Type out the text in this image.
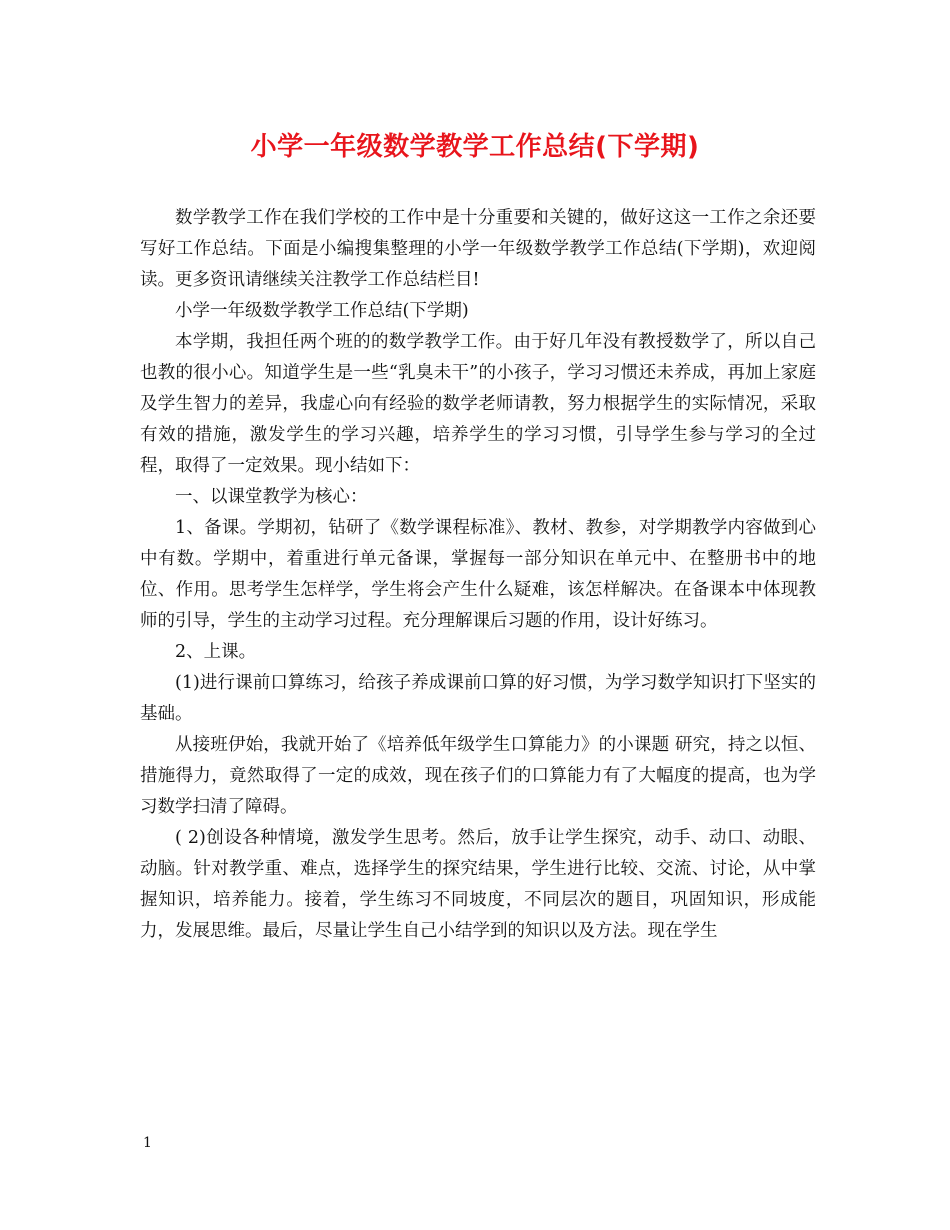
小学一年级数学教学工作总结(下学期)

数学教学工作在我们学校的工作中是十分重要和关键的，做好这这一工作之余还要写好工作总结。下面是小编搜集整理的小学一年级数学教学工作总结(下学期)，欢迎阅读。更多资讯请继续关注教学工作总结栏目!

小学一年级数学教学工作总结(下学期)

本学期，我担任两个班的的数学教学工作。由于好几年没有教授数学了，所以自己也教的很小心。知道学生是一些“乳臭未干”的小孩子，学习习惯还未养成，再加上家庭及学生智力的差异，我虚心向有经验的数学老师请教，努力根据学生的实际情况，采取有效的措施，激发学生的学习兴趣，培养学生的学习习惯，引导学生参与学习的全过程，取得了一定效果。现小结如下：

一、以课堂教学为核心：

1、备课。学期初，钻研了《数学课程标准》、教材、教参，对学期教学内容做到心中有数。学期中，着重进行单元备课，掌握每一部分知识在单元中、在整册书中的地位、作用。思考学生怎样学，学生将会产生什么疑难，该怎样解决。在备课本中体现教师的引导，学生的主动学习过程。充分理解课后习题的作用，设计好练习。

2、上课。

(1)进行课前口算练习，给孩子养成课前口算的好习惯，为学习数学知识打下坚实的基础。

从接班伊始，我就开始了《培养低年级学生口算能力》的小课题 研究，持之以恒、措施得力，竟然取得了一定的成效，现在孩子们的口算能力有了大幅度的提高，也为学习数学扫清了障碍。

( 2)创设各种情境，激发学生思考。然后，放手让学生探究，动手、动口、动眼、动脑。针对教学重、难点，选择学生的探究结果，学生进行比较、交流、讨论，从中掌握知识，培养能力。接着，学生练习不同坡度，不同层次的题目，巩固知识，形成能力，发展思维。最后，尽量让学生自己小结学到的知识以及方法。现在学生

1
